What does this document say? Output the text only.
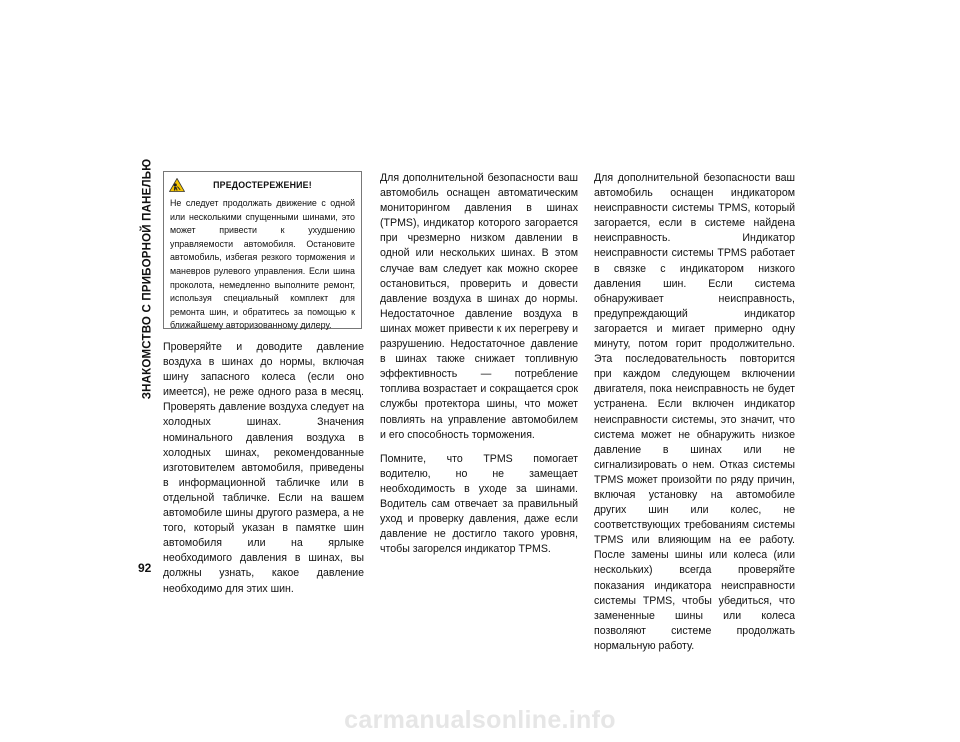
ЗНАКОМСТВО С ПРИБОРНОЙ ПАНЕЛЬЮ
92
ПРЕДОСТЕРЕЖЕНИЕ!

Не следует продолжать движение с одной или несколькими спущенными шинами, это может привести к ухудшению управляемости автомобиля. Остановите автомобиль, избегая резкого торможения и маневров рулевого управления. Если шина проколота, немедленно выполните ремонт, используя специальный комплект для ремонта шин, и обратитесь за помощью к ближайшему авторизованному дилеру.

Проверяйте и доводите давление воздуха в шинах до нормы, включая шину запасного колеса (если оно имеется), не реже одного раза в месяц. Проверять давление воздуха следует на холодных шинах. Значения номинального давления воздуха в холодных шинах, рекомендованные изготовителем автомобиля, приведены в информационной табличке или в отдельной табличке. Если на вашем автомобиле шины другого размера, а не того, который указан в памятке шин автомобиля или на ярлыке необходимого давления в шинах, вы должны узнать, какое давление необходимо для этих шин.

Для дополнительной безопасности ваш автомобиль оснащен автоматическим мониторингом давления в шинах (TPMS), индикатор которого загорается при чрезмерно низком давлении в одной или нескольких шинах. В этом случае вам следует как можно скорее остановиться, проверить и довести давление воздуха в шинах до нормы. Недостаточное давление воздуха в шинах может привести к их перегреву и разрушению. Недостаточное давление в шинах также снижает топливную эффективность — потребление топлива возрастает и сокращается срок службы протектора шины, что может повлиять на управление автомобилем и его способность торможения.

Помните, что TPMS помогает водителю, но не замещает необходимость в уходе за шинами. Водитель сам отвечает за правильный уход и проверку давления, даже если давление не достигло такого уровня, чтобы загорелся индикатор TPMS.

Для дополнительной безопасности ваш автомобиль оснащен индикатором неисправности системы TPMS, который загорается, если в системе найдена неисправность. Индикатор неисправности системы TPMS работает в связке с индикатором низкого давления шин. Если система обнаруживает неисправность, предупреждающий индикатор загорается и мигает примерно одну минуту, потом горит продолжительно. Эта последовательность повторится при каждом следующем включении двигателя, пока неисправность не будет устранена. Если включен индикатор неисправности системы, это значит, что система может не обнаружить низкое давление в шинах или не сигнализировать о нем. Отказ системы TPMS может произойти по ряду причин, включая установку на автомобиле других шин или колес, не соответствующих требованиям системы TPMS или влияющим на ее работу. После замены шины или колеса (или нескольких) всегда проверяйте показания индикатора неисправности системы TPMS, чтобы убедиться, что замененные шины или колеса позволяют системе продолжать нормальную работу.

carmanualsonline.info
